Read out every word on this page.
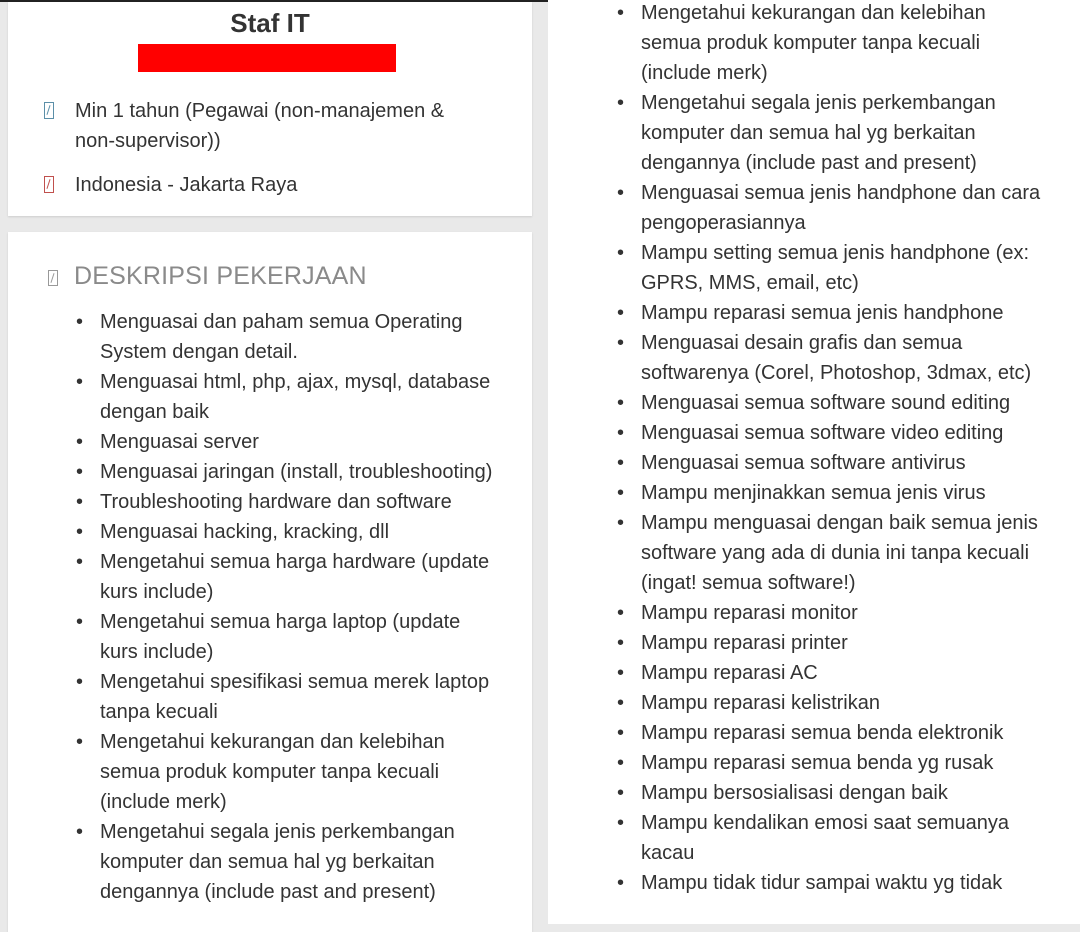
Staf IT
Min 1 tahun (Pegawai (non-manajemen & non-supervisor))
Indonesia - Jakarta Raya
DESKRIPSI PEKERJAAN
• Menguasai dan paham semua Operating System dengan detail.
• Menguasai html, php, ajax, mysql, database dengan baik
• Menguasai server
• Menguasai jaringan (install, troubleshooting)
• Troubleshooting hardware dan software
• Menguasai hacking, kracking, dll
• Mengetahui semua harga hardware (update kurs include)
• Mengetahui semua harga laptop (update kurs include)
• Mengetahui spesifikasi semua merek laptop tanpa kecuali
• Mengetahui kekurangan dan kelebihan semua produk komputer tanpa kecuali (include merk)
• Mengetahui segala jenis perkembangan komputer dan semua hal yg berkaitan dengannya (include past and present)
• Mengetahui kekurangan dan kelebihan semua produk komputer tanpa kecuali (include merk)
• Mengetahui segala jenis perkembangan komputer dan semua hal yg berkaitan dengannya (include past and present)
• Menguasai semua jenis handphone dan cara pengoperasiannya
• Mampu setting semua jenis handphone (ex: GPRS, MMS, email, etc)
• Mampu reparasi semua jenis handphone
• Menguasai desain grafis dan semua softwarenya (Corel, Photoshop, 3dmax, etc)
• Menguasai semua software sound editing
• Menguasai semua software video editing
• Menguasai semua software antivirus
• Mampu menjinakkan semua jenis virus
• Mampu menguasai dengan baik semua jenis software yang ada di dunia ini tanpa kecuali (ingat! semua software!)
• Mampu reparasi monitor
• Mampu reparasi printer
• Mampu reparasi AC
• Mampu reparasi kelistrikan
• Mampu reparasi semua benda elektronik
• Mampu reparasi semua benda yg rusak
• Mampu bersosialisasi dengan baik
• Mampu kendalikan emosi saat semuanya kacau
• Mampu tidak tidur sampai waktu yg tidak
